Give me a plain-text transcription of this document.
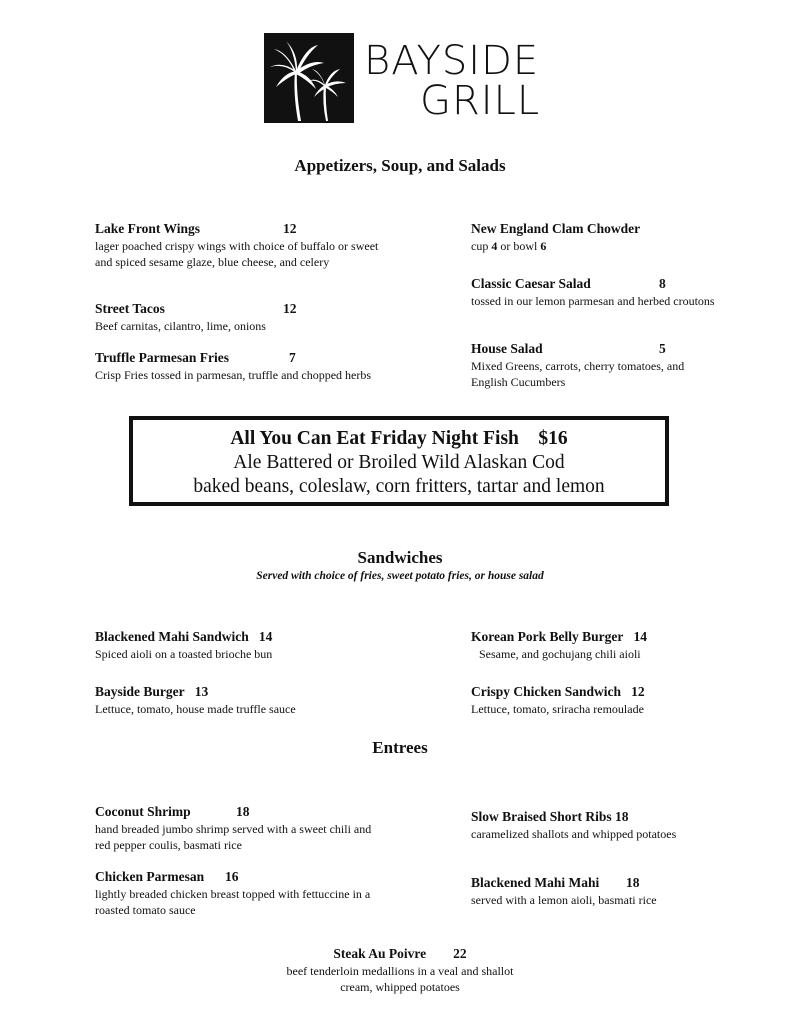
BAYSIDE
GRILL
Appetizers, Soup, and Salads
Lake Front Wings	12
lager poached crispy wings with choice of buffalo or sweet and spiced sesame glaze, blue cheese, and celery
Street Tacos	12
Beef carnitas, cilantro, lime, onions
Truffle Parmesan Fries	7
Crisp Fries tossed in parmesan, truffle and chopped herbs
New England Clam Chowder
cup 4 or bowl 6
Classic Caesar Salad	8
tossed in our lemon parmesan and herbed croutons
House Salad	5
Mixed Greens, carrots, cherry tomatoes, and English Cucumbers
All You Can Eat Friday Night Fish $16
Ale Battered or Broiled Wild Alaskan Cod
baked beans, coleslaw, corn fritters, tartar and lemon
Sandwiches
Served with choice of fries, sweet potato fries, or house salad
Blackened Mahi Sandwich 14
Spiced aioli on a toasted brioche bun
Bayside Burger 13
Lettuce, tomato, house made truffle sauce
Korean Pork Belly Burger 14
Sesame, and gochujang chili aioli
Crispy Chicken Sandwich 12
Lettuce, tomato, sriracha remoulade
Entrees
Coconut Shrimp	18
hand breaded jumbo shrimp served with a sweet chili and red pepper coulis, basmati rice
Chicken Parmesan 16
lightly breaded chicken breast topped with fettuccine in a roasted tomato sauce
Slow Braised Short Ribs 18
caramelized shallots and whipped potatoes
Blackened Mahi Mahi 18
served with a lemon aioli, basmati rice
Steak Au Poivre 22
beef tenderloin medallions in a veal and shallot cream, whipped potatoes
